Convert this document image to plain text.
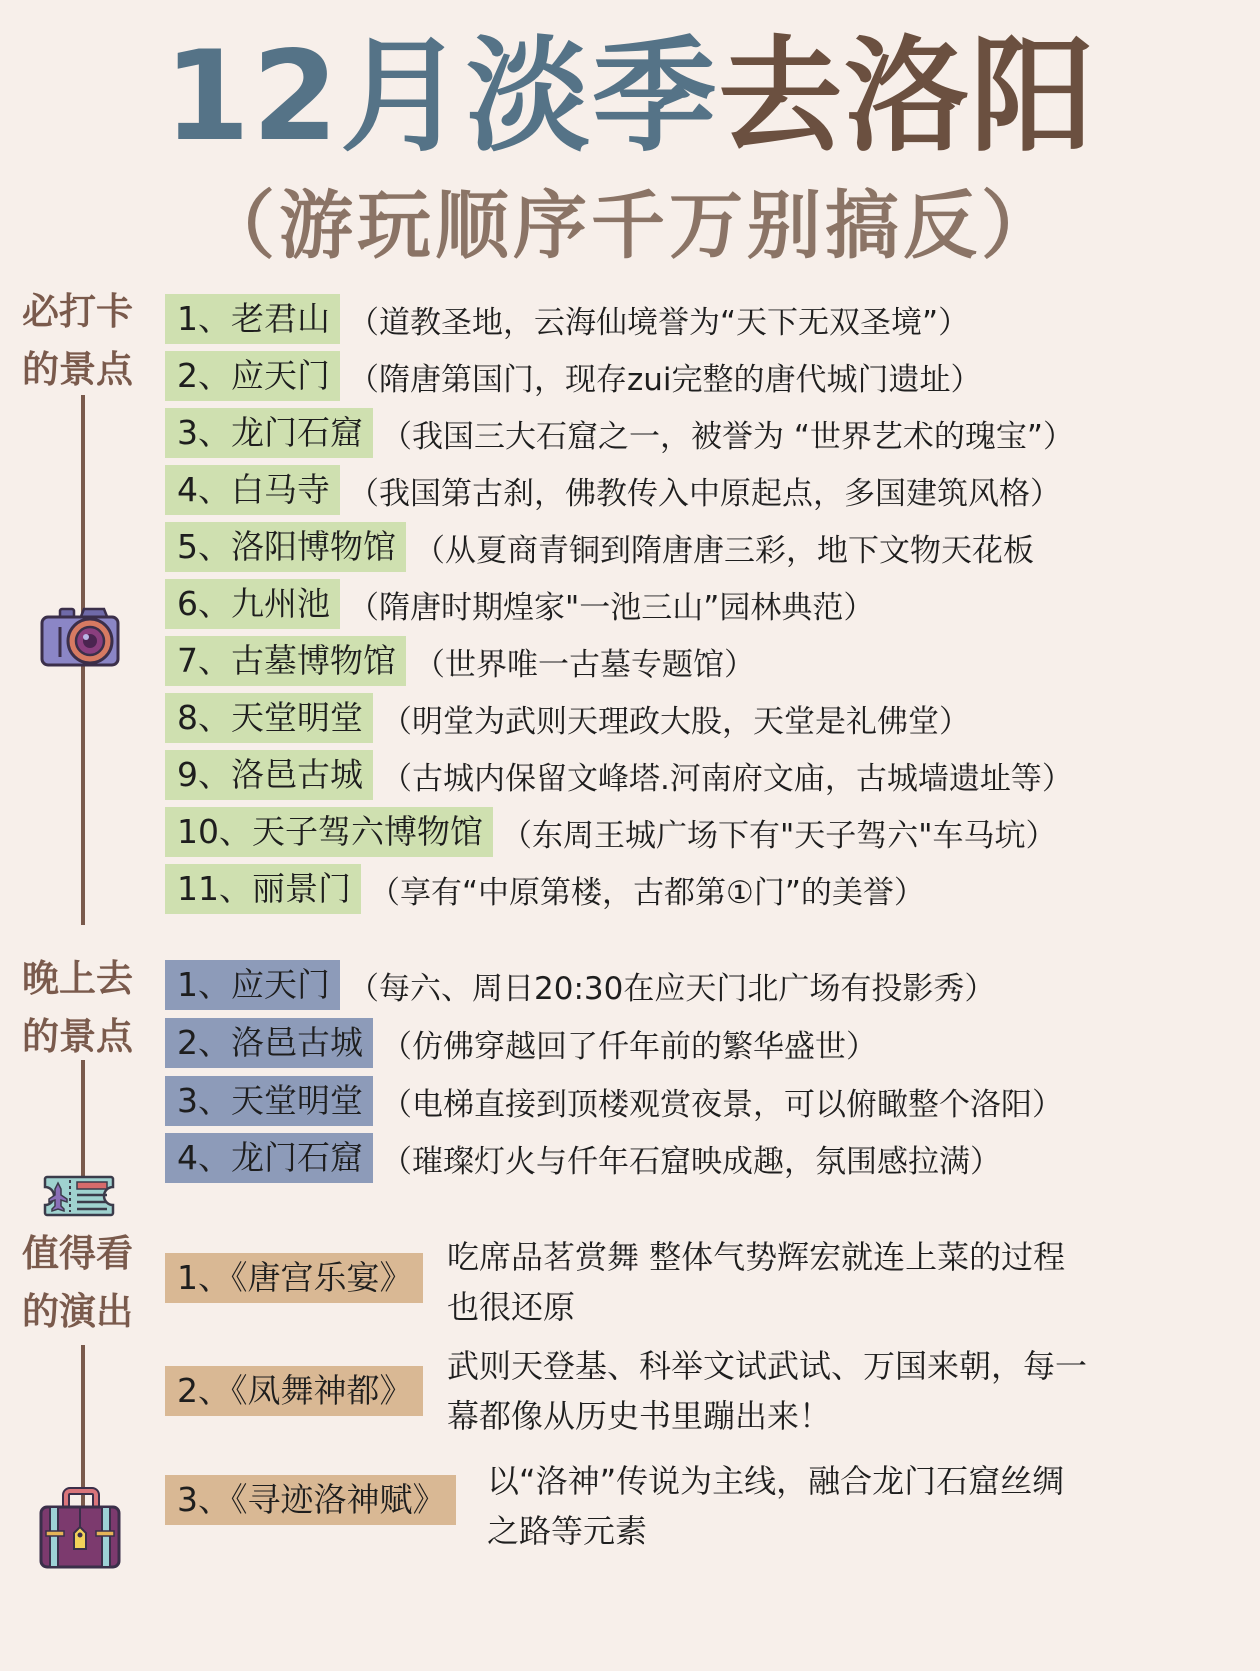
12月淡季去洛阳
（游玩顺序千万别搞反）
必打卡
的景点
1、老君山 （道教圣地，云海仙境誉为“天下无双圣境”）
2、应天门 （隋唐第国门，现存zui完整的唐代城门遗址）
3、龙门石窟 （我国三大石窟之一，被誉为 “世界艺术的瑰宝”）
4、白马寺 （我国第古刹，佛教传入中原起点，多国建筑风格）
5、洛阳博物馆 （从夏商青铜到隋唐唐三彩，地下文物天花板
6、九州池 （隋唐时期煌家"一池三山”园林典范）
7、古墓博物馆 （世界唯一古墓专题馆）
8、天堂明堂 （明堂为武则天理政大股，天堂是礼佛堂）
9、洛邑古城 （古城内保留文峰塔.河南府文庙，古城墙遗址等）
10、天子驾六博物馆 （东周王城广场下有"天子驾六"车马坑）
11、丽景门 （享有“中原第楼，古都第①门”的美誉）
晚上去
的景点
1、应天门 （每六、周日20:30在应天门北广场有投影秀）
2、洛邑古城 （仿佛穿越回了仟年前的繁华盛世）
3、天堂明堂 （电梯直接到顶楼观赏夜景，可以俯瞰整个洛阳）
4、龙门石窟 （璀璨灯火与仟年石窟映成趣，氛围感拉满）
值得看
的演出
1、《唐宫乐宴》
吃席品茗赏舞 整体气势辉宏就连上菜的过程
也很还原
2、《凤舞神都》
武则天登基、科举文试武试、万国来朝，每一
幕都像从历史书里蹦出来！
3、《寻迹洛神赋》	以“洛神”传说为主线，融合龙门石窟丝绸
之路等元素
